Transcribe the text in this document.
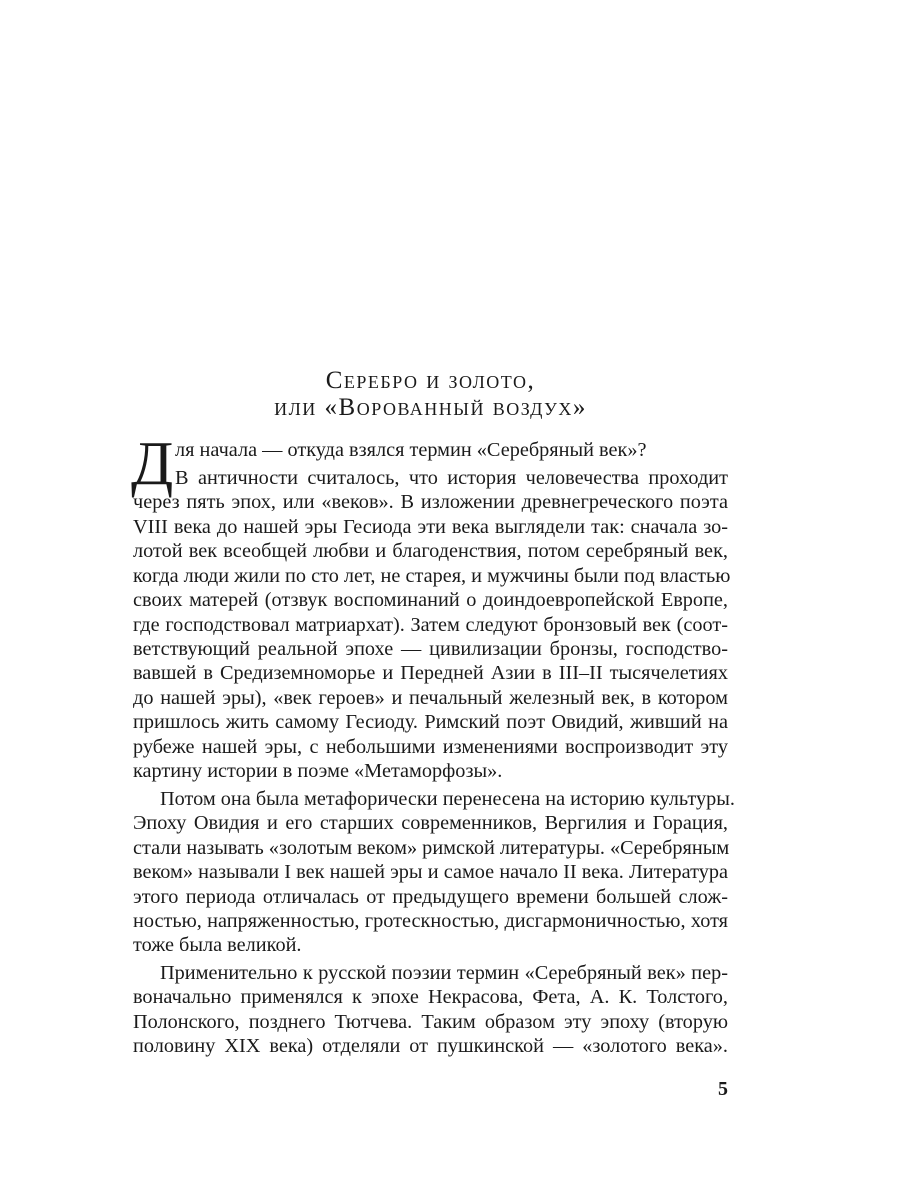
Серебро и золото,
или «Ворованный воздух»
Д ля начала — откуда взялся термин «Серебряный век»?
В античности считалось, что история человечества проходит
через пять эпох, или «веков». В изложении древнегреческого поэта
VIII века до нашей эры Гесиода эти века выглядели так: сначала зо-
лотой век всеобщей любви и благоденствия, потом серебряный век,
когда люди жили по сто лет, не старея, и мужчины были под властью
своих матерей (отзвук воспоминаний о доиндоевропейской Европе,
где господствовал матриархат). Затем следуют бронзовый век (соот-
ветствующий реальной эпохе — цивилизации бронзы, господство-
вавшей в Средиземноморье и Передней Азии в III–II тысячелетиях
до нашей эры), «век героев» и печальный железный век, в котором
пришлось жить самому Гесиоду. Римский поэт Овидий, живший на
рубеже нашей эры, с небольшими изменениями воспроизводит эту
картину истории в поэме «Метаморфозы».
Потом она была метафорически перенесена на историю культуры.
Эпоху Овидия и его старших современников, Вергилия и Горация,
стали называть «золотым веком» римской литературы. «Серебряным
веком» называли I век нашей эры и самое начало II века. Литература
этого периода отличалась от предыдущего времени большей слож-
ностью, напряженностью, гротескностью, дисгармоничностью, хотя
тоже была великой.
Применительно к русской поэзии термин «Серебряный век» пер-
воначально применялся к эпохе Некрасова, Фета, А. К. Толстого,
Полонского, позднего Тютчева. Таким образом эту эпоху (вторую
половину XIX века) отделяли от пушкинской — «золотого века».
5
